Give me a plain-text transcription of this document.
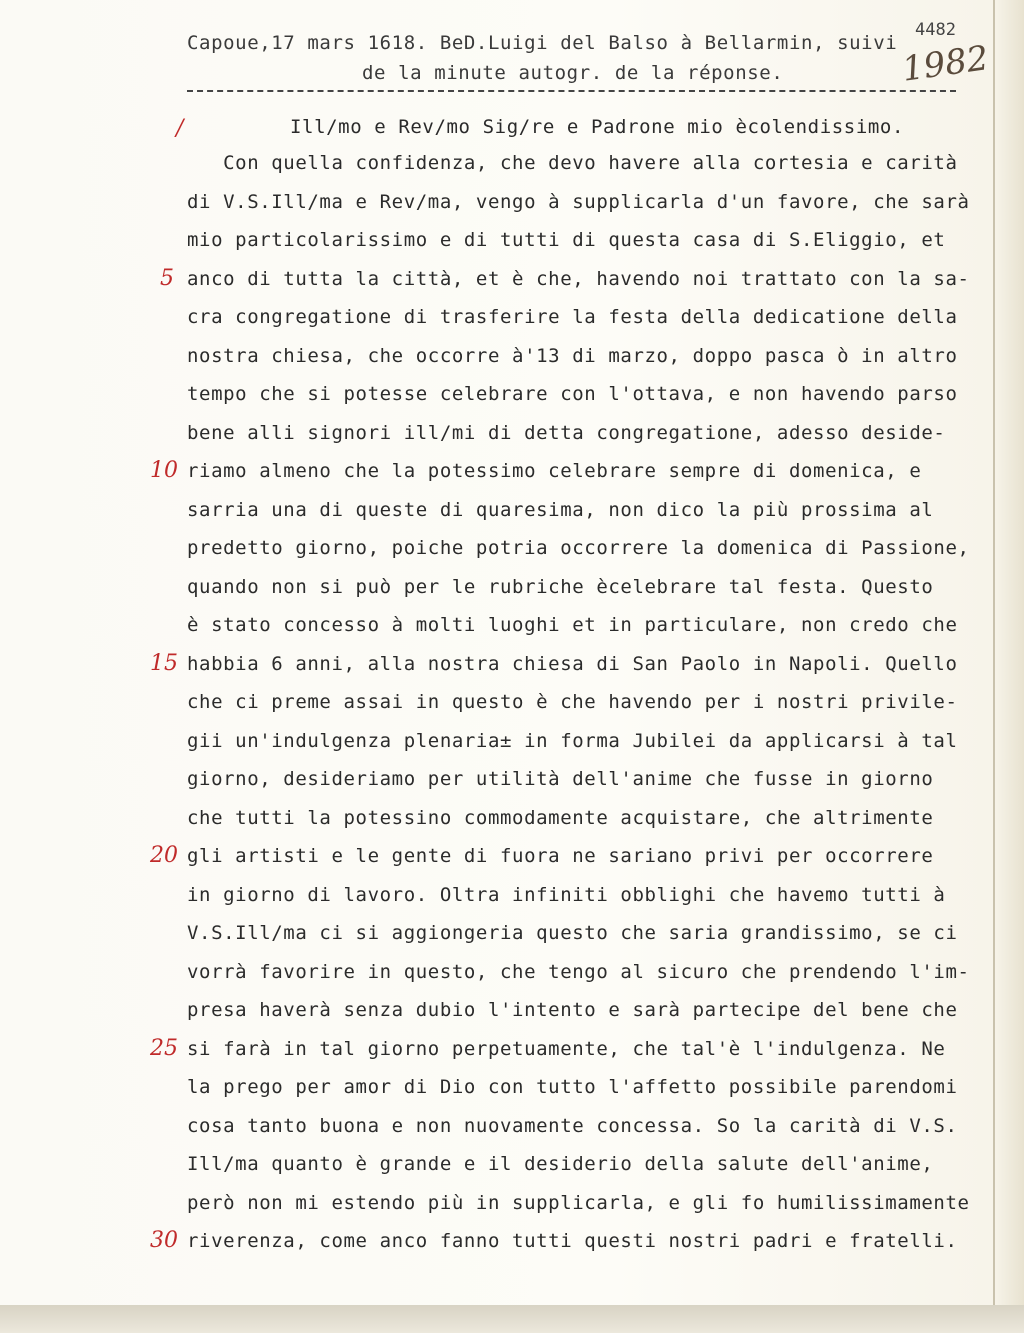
Capoue,17 mars 1618. BeD.Luigi del Balso à Bellarmin, suivi
de la minute autogr. de la réponse.
4482
1982
/	Ill/mo e Rev/mo Sig/re e Padrone mio ècolendissimo.
Con quella confidenza, che devo havere alla cortesia e carità
di V.S.Ill/ma e Rev/ma, vengo à supplicarla d'un favore, che sarà
mio particolarissimo e di tutti di questa casa di S.Eliggio, et
anco di tutta la città, et è che, havendo noi trattato con la sa-
cra congregatione di trasferire la festa della dedicatione della
nostra chiesa, che occorre à'13 di marzo, doppo pasca ò in altro
tempo che si potesse celebrare con l'ottava, e non havendo parso
bene alli signori ill/mi di detta congregatione, adesso deside-
riamo almeno che la potessimo celebrare sempre di domenica, e
sarria una di queste di quaresima, non dico la più prossima al
predetto giorno, poiche potria occorrere la domenica di Passione,
quando non si può per le rubriche ècelebrare tal festa. Questo
è stato concesso à molti luoghi et in particulare, non credo che
habbia 6 anni, alla nostra chiesa di San Paolo in Napoli. Quello
che ci preme assai in questo è che havendo per i nostri privile-
gii un'indulgenza plenaria± in forma Jubilei da applicarsi à tal
giorno, desideriamo per utilità dell'anime che fusse in giorno
che tutti la potessino commodamente acquistare, che altrimente
gli artisti e le gente di fuora ne sariano privi per occorrere
in giorno di lavoro. Oltra infiniti obblighi che havemo tutti à
V.S.Ill/ma ci si aggiongeria questo che saria grandissimo, se ci
vorrà favorire in questo, che tengo al sicuro che prendendo l'im-
presa haverà senza dubio l'intento e sarà partecipe del bene che
si farà in tal giorno perpetuamente, che tal'è l'indulgenza. Ne
la prego per amor di Dio con tutto l'affetto possibile parendomi
cosa tanto buona e non nuovamente concessa. So la carità di V.S.
Ill/ma quanto è grande e il desiderio della salute dell'anime,
però non mi estendo più in supplicarla, e gli fo humilissimamente
riverenza, come anco fanno tutti questi nostri padri e fratelli.
5
10
15
20
25
30
